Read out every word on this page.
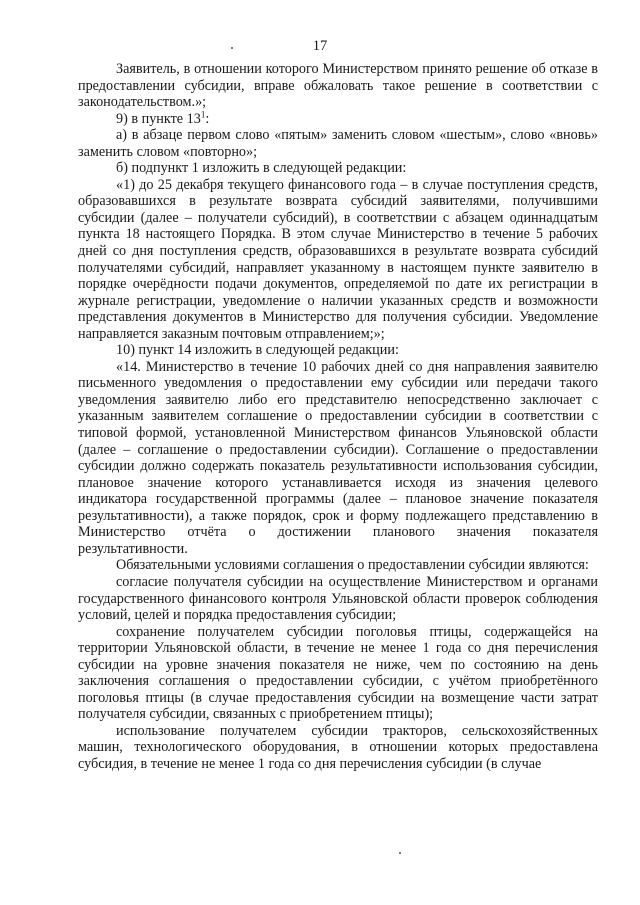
17

Заявитель, в отношении которого Министерством принято решение об отказе в предоставлении субсидии, вправе обжаловать такое решение в соответствии с законодательством.»;

9) в пункте $13^1$:

а) в абзаце первом слово «пятым» заменить словом «шестым», слово «вновь» заменить словом «повторно»;

б) подпункт 1 изложить в следующей редакции:

«1) до 25 декабря текущего финансового года – в случае поступления средств, образовавшихся в результате возврата субсидий заявителями, получившими субсидии (далее – получатели субсидий), в соответствии с абзацем одиннадцатым пункта 18 настоящего Порядка. В этом случае Министерство в течение 5 рабочих дней со дня поступления средств, образовавшихся в результате возврата субсидий получателями субсидий, направляет указанному в настоящем пункте заявителю в порядке очерёдности подачи документов, определяемой по дате их регистрации в журнале регистрации, уведомление о наличии указанных средств и возможности представления документов в Министерство для получения субсидии. Уведомление направляется заказным почтовым отправлением;»;

10) пункт 14 изложить в следующей редакции:

«14. Министерство в течение 10 рабочих дней со дня направления заявителю письменного уведомления о предоставлении ему субсидии или передачи такого уведомления заявителю либо его представителю непосредственно заключает с указанным заявителем соглашение о предоставлении субсидии в соответствии с типовой формой, установленной Министерством финансов Ульяновской области (далее – соглашение о предоставлении субсидии). Соглашение о предоставлении субсидии должно содержать показатель результативности использования субсидии, плановое значение которого устанавливается исходя из значения целевого индикатора государственной программы (далее – плановое значение показателя результативности), а также порядок, срок и форму подлежащего представлению в Министерство отчёта о достижении планового значения показателя результативности.

Обязательными условиями соглашения о предоставлении субсидии являются:

согласие получателя субсидии на осуществление Министерством и органами государственного финансового контроля Ульяновской области проверок соблюдения условий, целей и порядка предоставления субсидии;

сохранение получателем субсидии поголовья птицы, содержащейся на территории Ульяновской области, в течение не менее 1 года со дня перечисления субсидии на уровне значения показателя не ниже, чем по состоянию на день заключения соглашения о предоставлении субсидии, с учётом приобретённого поголовья птицы (в случае предоставления субсидии на возмещение части затрат получателя субсидии, связанных с приобретением птицы);

использование получателем субсидии тракторов, сельскохозяйственных машин, технологического оборудования, в отношении которых предоставлена субсидия, в течение не менее 1 года со дня перечисления субсидии (в случае
